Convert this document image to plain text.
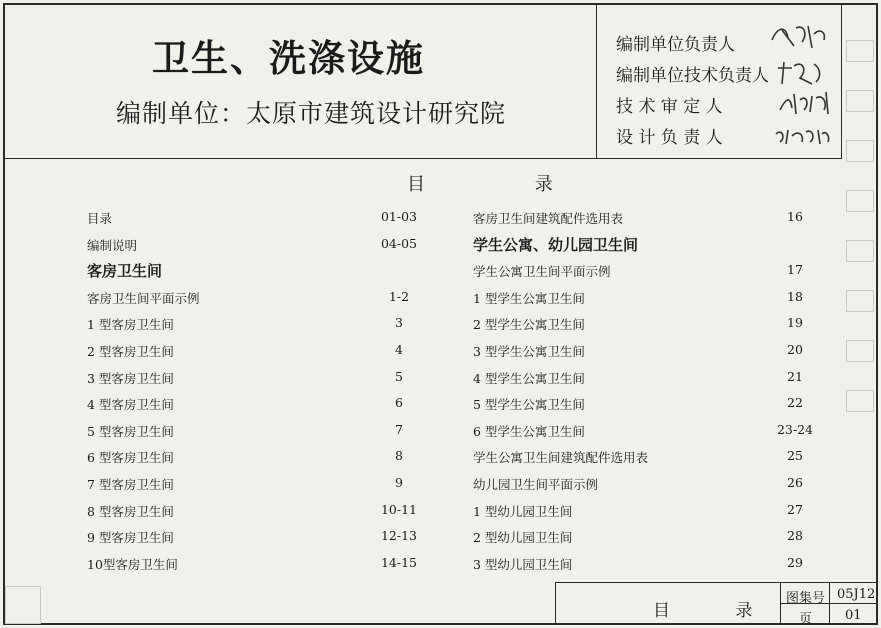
卫生、洗涤设施
编制单位：太原市建筑设计研究院
编制单位负责人
编制单位技术负责人
技 术 审 定 人
设 计 负 责 人
目 录
目录	01-03
编制说明	04-05
客房卫生间
客房卫生间平面示例	1-2
1 型客房卫生间	3
2 型客房卫生间	4
3 型客房卫生间	5
4 型客房卫生间	6
5 型客房卫生间	7
6 型客房卫生间	8
7 型客房卫生间	9
8 型客房卫生间	10-11
9 型客房卫生间	12-13
10型客房卫生间	14-15
客房卫生间建筑配件选用表	16
学生公寓、幼儿园卫生间
学生公寓卫生间平面示例	17
1 型学生公寓卫生间	18
2 型学生公寓卫生间	19
3 型学生公寓卫生间	20
4 型学生公寓卫生间	21
5 型学生公寓卫生间	22
6 型学生公寓卫生间	23-24
学生公寓卫生间建筑配件选用表	25
幼儿园卫生间平面示例	26
1 型幼儿园卫生间	27
2 型幼儿园卫生间	28
3 型幼儿园卫生间	29
目 录
图集号 05J12
页	01
